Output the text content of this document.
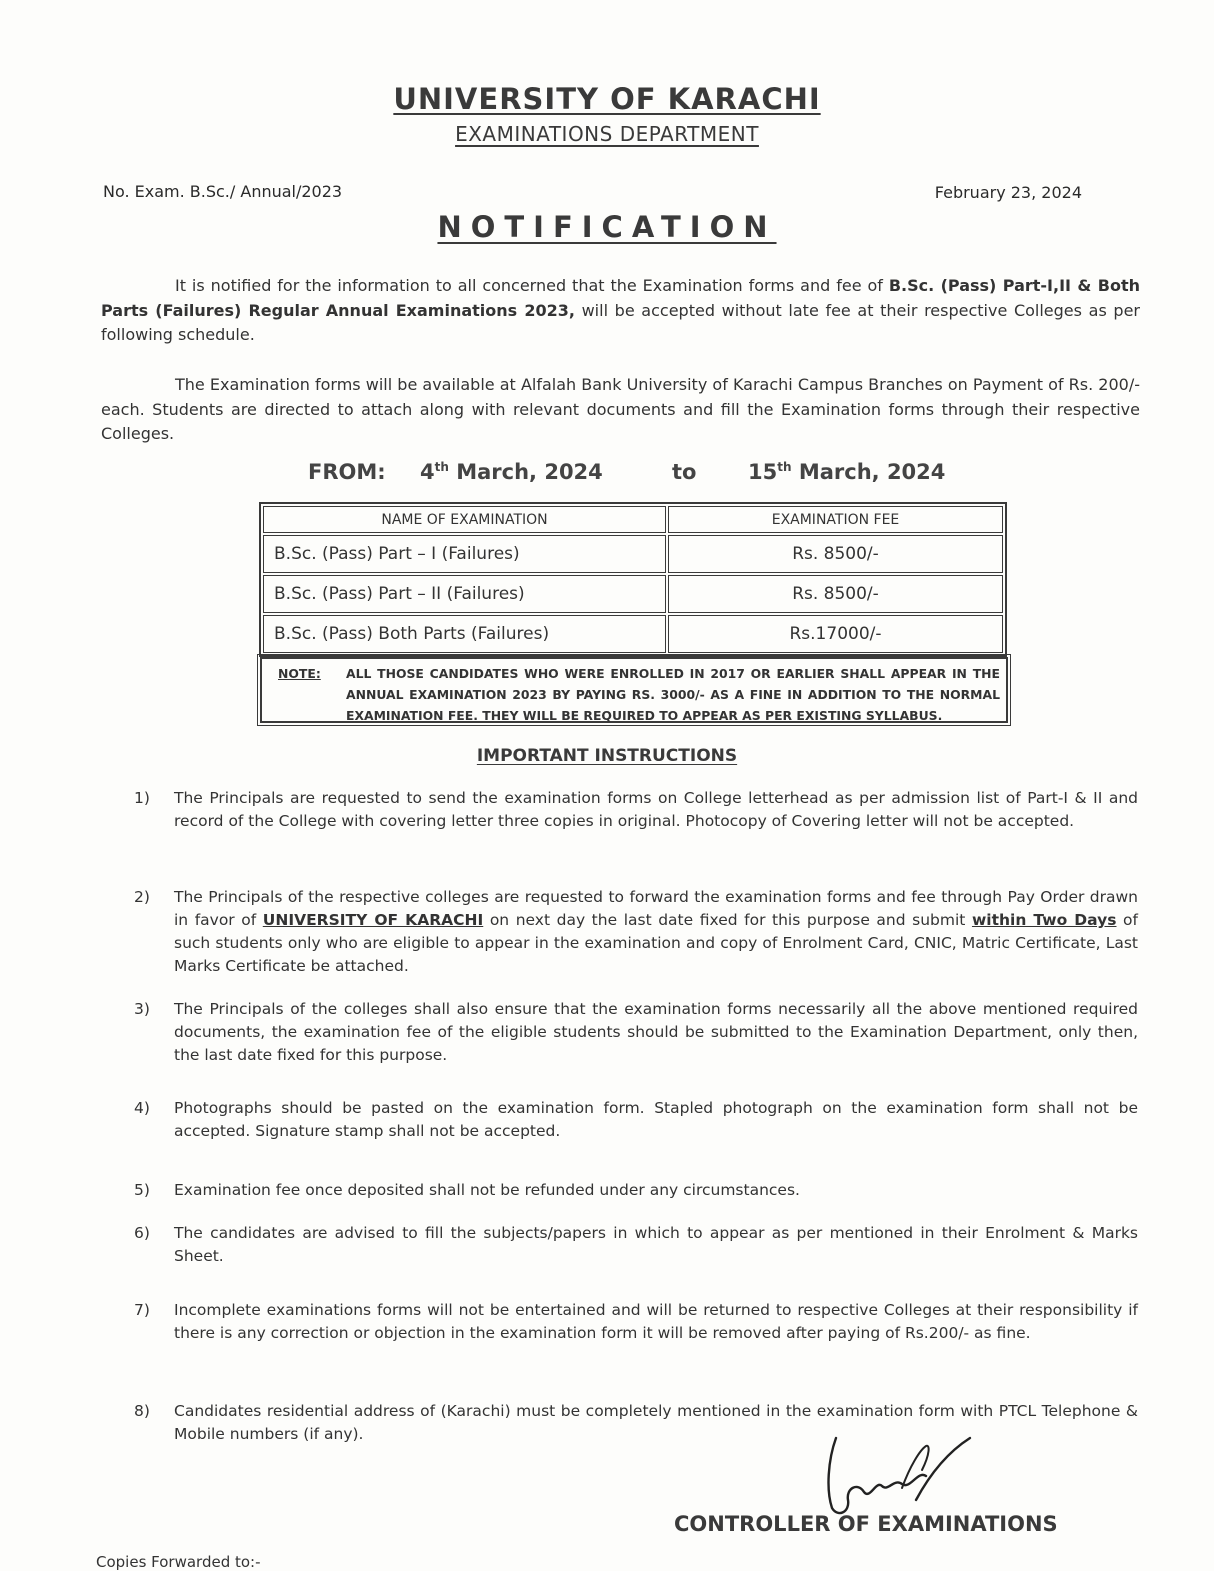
UNIVERSITY OF KARACHI
EXAMINATIONS DEPARTMENT
No. Exam. B.Sc./ Annual/2023	February 23, 2024
NOTIFICATION
It is notified for the information to all concerned that the Examination forms and fee of B.Sc. (Pass) Part-I,II & Both Parts (Failures) Regular Annual Examinations 2023, will be accepted without late fee at their respective Colleges as per following schedule.
The Examination forms will be available at Alfalah Bank University of Karachi Campus Branches on Payment of Rs. 200/- each. Students are directed to attach along with relevant documents and fill the Examination forms through their respective Colleges.
FROM: 4th March, 2024	to 15th March, 2024
NAME OF EXAMINATION	EXAMINATION FEE
B.Sc. (Pass) Part – I (Failures)	Rs. 8500/-
B.Sc. (Pass) Part – II (Failures)	Rs. 8500/-
B.Sc. (Pass) Both Parts (Failures)	Rs.17000/-
NOTE: ALL THOSE CANDIDATES WHO WERE ENROLLED IN 2017 OR EARLIER SHALL APPEAR IN THE ANNUAL EXAMINATION 2023 BY PAYING RS. 3000/- AS A FINE IN ADDITION TO THE NORMAL EXAMINATION FEE. THEY WILL BE REQUIRED TO APPEAR AS PER EXISTING SYLLABUS.
IMPORTANT INSTRUCTIONS
1) The Principals are requested to send the examination forms on College letterhead as per admission list of Part-I & II and record of the College with covering letter three copies in original. Photocopy of Covering letter will not be accepted.
2) The Principals of the respective colleges are requested to forward the examination forms and fee through Pay Order drawn in favor of UNIVERSITY OF KARACHI on next day the last date fixed for this purpose and submit within Two Days of such students only who are eligible to appear in the examination and copy of Enrolment Card, CNIC, Matric Certificate, Last Marks Certificate be attached.
3) The Principals of the colleges shall also ensure that the examination forms necessarily all the above mentioned required documents, the examination fee of the eligible students should be submitted to the Examination Department, only then, the last date fixed for this purpose.
4) Photographs should be pasted on the examination form. Stapled photograph on the examination form shall not be accepted. Signature stamp shall not be accepted.
5) Examination fee once deposited shall not be refunded under any circumstances.
6) The candidates are advised to fill the subjects/papers in which to appear as per mentioned in their Enrolment & Marks Sheet.
7) Incomplete examinations forms will not be entertained and will be returned to respective Colleges at their responsibility if there is any correction or objection in the examination form it will be removed after paying of Rs.200/- as fine.
8) Candidates residential address of (Karachi) must be completely mentioned in the examination form with PTCL Telephone & Mobile numbers (if any).
CONTROLLER OF EXAMINATIONS
Copies Forwarded to:-
